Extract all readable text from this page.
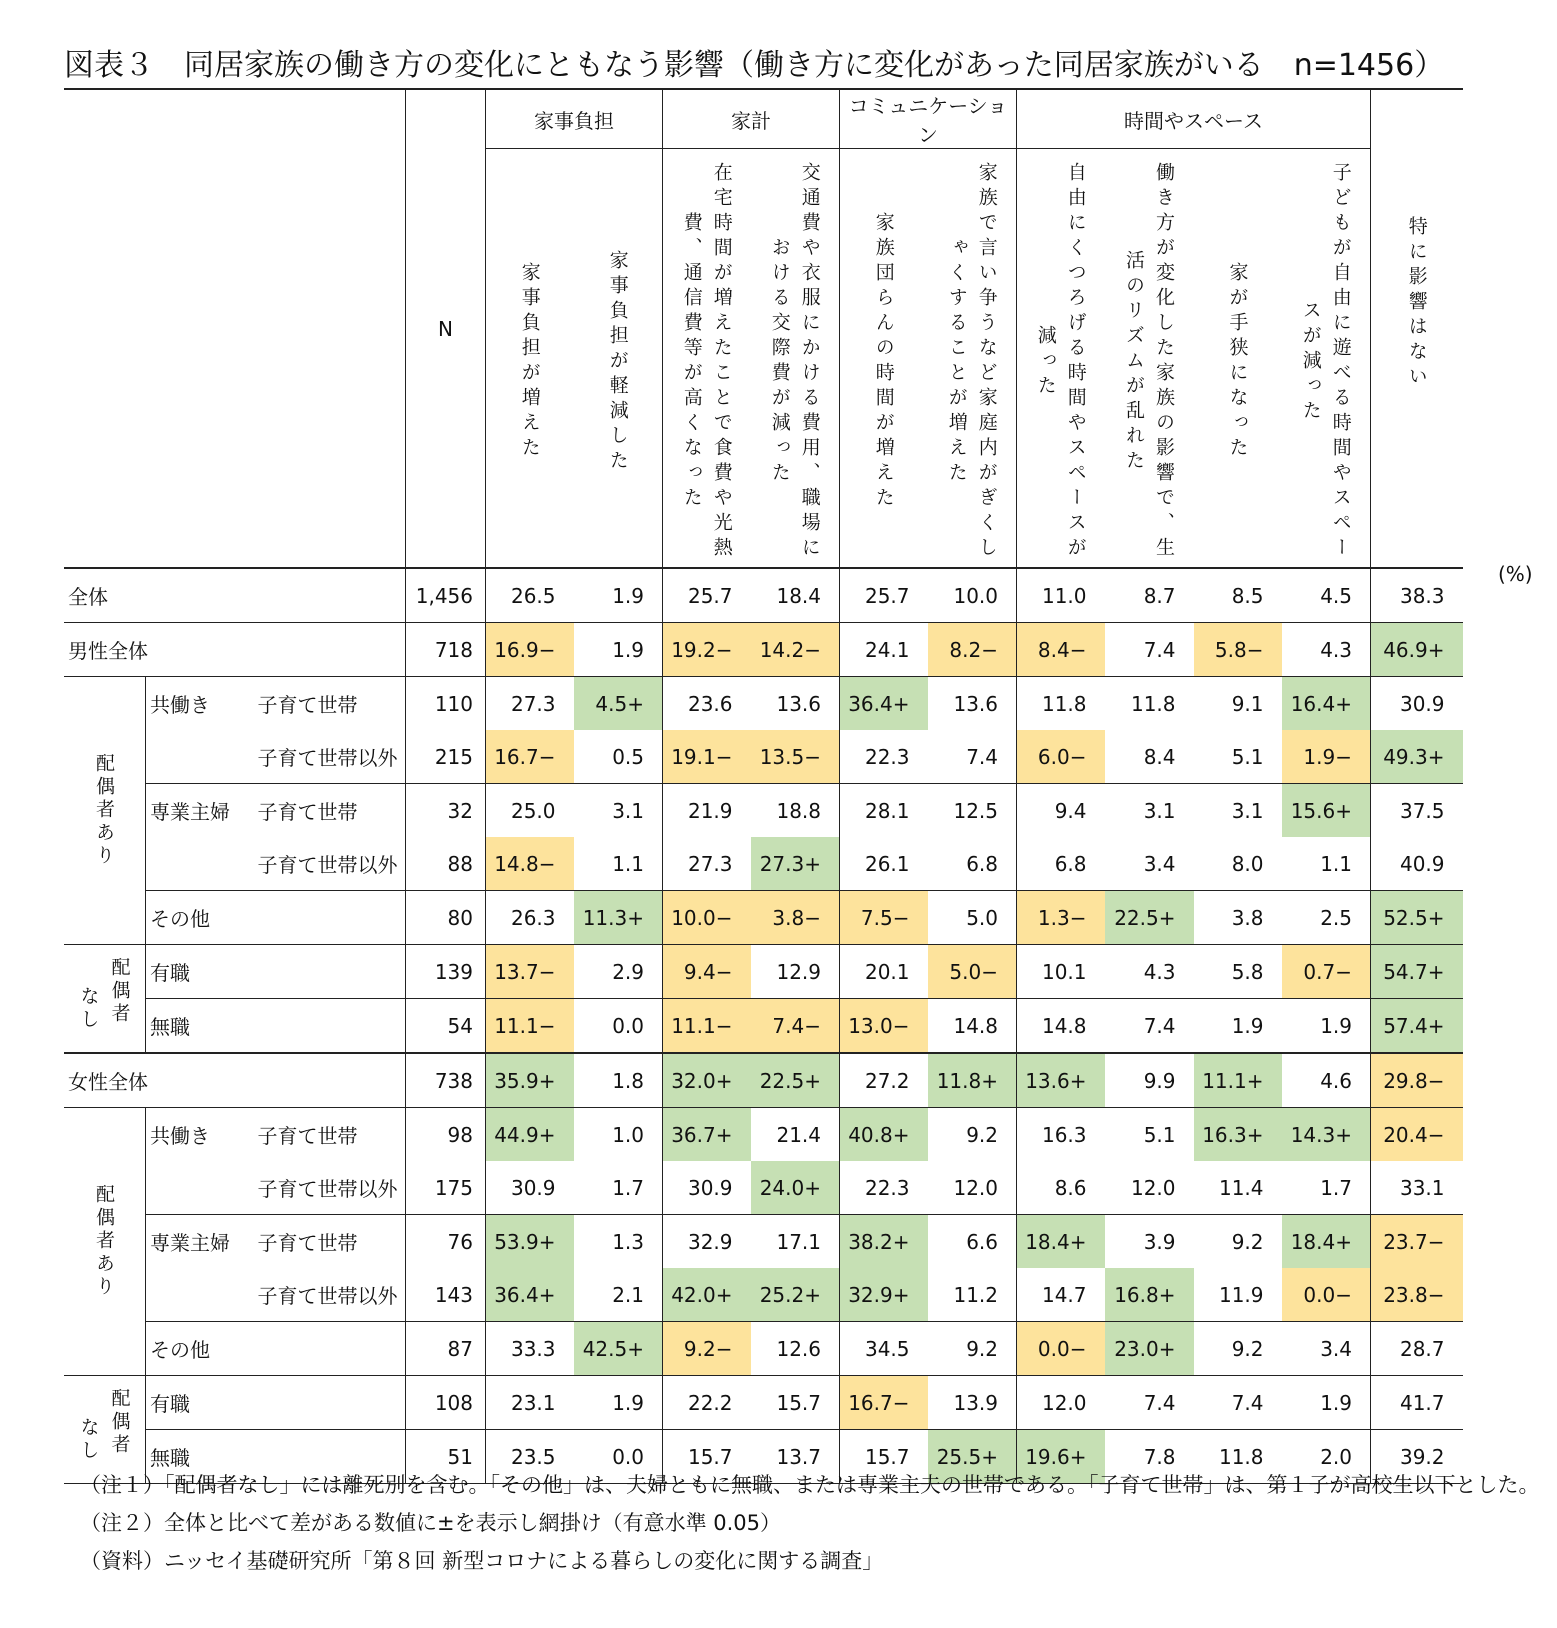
図表３　同居家族の働き方の変化にともなう影響（働き方に変化があった同居家族がいる　n=1456）
			N	家事負担		家計		コミュニケーション		時間やスペース				特に影響はない

				家事負担が増えた	家事負担が軽減した	在宅時間が増えたことで食費や光熱費、通信費等が高くなった	交通費や衣服にかける費用、職場における交際費が減った	家族団らんの時間が増えた	家族で言い争うなど家庭内がぎくしゃくすることが増えた	自由にくつろげる時間やスペースが減った	働き方が変化した家族の影響で、生活のリズムが乱れた	家が手狭になった	子どもが自由に遊べる時間やスペースが減った	

全体			1,456	26.5	1.9	25.7	18.4	25.7	10.0	11.0	8.7	8.5	4.5	38.3
男性全体			718	16.9−	1.9	19.2−	14.2−	24.1	8.2−	8.4−	7.4	5.8−	4.3	46.9+

配偶者あり	共働き	子育て世帯	110	27.3	4.5+	23.6	13.6	36.4+	13.6	11.8	11.8	9.1	16.4+	30.9
		子育て世帯以外	215	16.7−	0.5	19.1−	13.5−	22.3	7.4	6.0−	8.4	5.1	1.9−	49.3+
	専業主婦	子育て世帯	32	25.0	3.1	21.9	18.8	28.1	12.5	9.4	3.1	3.1	15.6+	37.5
		子育て世帯以外	88	14.8−	1.1	27.3	27.3+	26.1	6.8	6.8	3.4	8.0	1.1	40.9
	その他		80	26.3	11.3+	10.0−	3.8−	7.5−	5.0	1.3−	22.5+	3.8	2.5	52.5+

なし 配偶者	有職		139	13.7−	2.9	9.4−	12.9	20.1	5.0−	10.1	4.3	5.8	0.7−	54.7+
	無職		54	11.1−	0.0	11.1−	7.4−	13.0−	14.8	14.8	7.4	1.9	1.9	57.4+
女性全体			738	35.9+	1.8	32.0+	22.5+	27.2	11.8+	13.6+	9.9	11.1+	4.6	29.8−

配偶者あり	共働き	子育て世帯	98	44.9+	1.0	36.7+	21.4	40.8+	9.2	16.3	5.1	16.3+	14.3+	20.4−
		子育て世帯以外	175	30.9	1.7	30.9	24.0+	22.3	12.0	8.6	12.0	11.4	1.7	33.1
	専業主婦	子育て世帯	76	53.9+	1.3	32.9	17.1	38.2+	6.6	18.4+	3.9	9.2	18.4+	23.7−
		子育て世帯以外	143	36.4+	2.1	42.0+	25.2+	32.9+	11.2	14.7	16.8+	11.9	0.0−	23.8−
	その他		87	33.3	42.5+	9.2−	12.6	34.5	9.2	0.0−	23.0+	9.2	3.4	28.7

なし 配偶者	有職		108	23.1	1.9	22.2	15.7	16.7−	13.9	12.0	7.4	7.4	1.9	41.7
	無職		51	23.5	0.0	15.7	13.7	15.7	25.5+	19.6+	7.8	11.8	2.0	39.2
(%)
（注１）「配偶者なし」には離死別を含む。「その他」は、夫婦ともに無職、または専業主夫の世帯である。「子育て世帯」は、第１子が高校生以下とした。
（注２）全体と比べて差がある数値に±を表示し網掛け（有意水準 0.05）
（資料）ニッセイ基礎研究所「第８回 新型コロナによる暮らしの変化に関する調査」
